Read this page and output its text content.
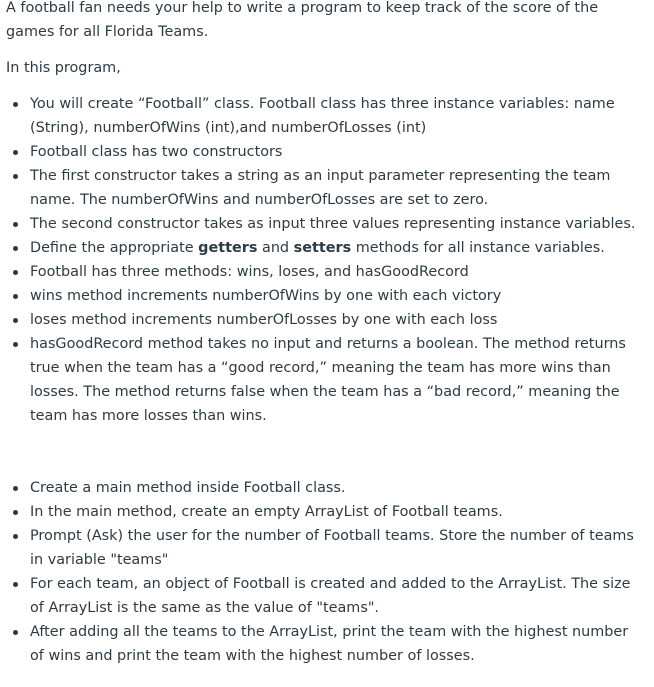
A football fan needs your help to write a program to keep track of the score of the games for all Florida Teams.

In this program,

You will create “Football” class. Football class has three instance variables: name (String), numberOfWins (int),and numberOfLosses (int)
Football class has two constructors
The first constructor takes a string as an input parameter representing the team name. The numberOfWins and numberOfLosses are set to zero.
The second constructor takes as input three values representing instance variables.
Define the appropriate getters and setters methods for all instance variables.
Football has three methods: wins, loses, and hasGoodRecord
wins method increments numberOfWins by one with each victory
loses method increments numberOfLosses by one with each loss
hasGoodRecord method takes no input and returns a boolean. The method returns true when the team has a “good record,” meaning the team has more wins than losses. The method returns false when the team has a “bad record,” meaning the team has more losses than wins.
Create a main method inside Football class.
In the main method, create an empty ArrayList of Football teams.
Prompt (Ask) the user for the number of Football teams. Store the number of teams in variable "teams"
For each team, an object of Football is created and added to the ArrayList. The size of ArrayList is the same as the value of "teams".
After adding all the teams to the ArrayList, print the team with the highest number of wins and print the team with the highest number of losses.
